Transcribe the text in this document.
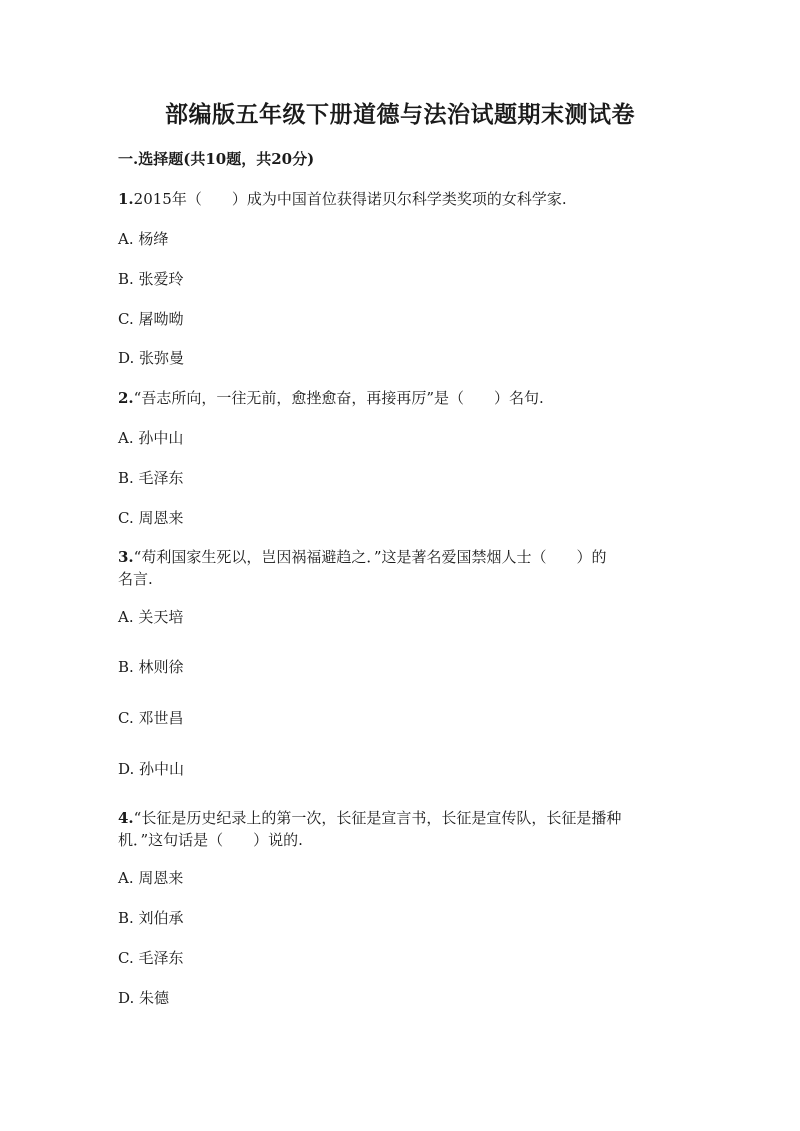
部编版五年级下册道德与法治试题期末测试卷
一.选择题(共10题，共20分)
1.2015年（　　）成为中国首位获得诺贝尔科学类奖项的女科学家.
A. 杨绛
B. 张爱玲
C. 屠呦呦
D. 张弥曼
2.“吾志所向，一往无前，愈挫愈奋，再接再厉”是（　　）名句.
A. 孙中山
B. 毛泽东
C. 周恩来
3.“苟利国家生死以，岂因祸福避趋之．”这是著名爱国禁烟人士（　　）的
名言.
A. 关天培
B. 林则徐
C. 邓世昌
D. 孙中山
4.“长征是历史纪录上的第一次，长征是宣言书，长征是宣传队，长征是播种
机．”这句话是（　　）说的.
A. 周恩来
B. 刘伯承
C. 毛泽东
D. 朱德
